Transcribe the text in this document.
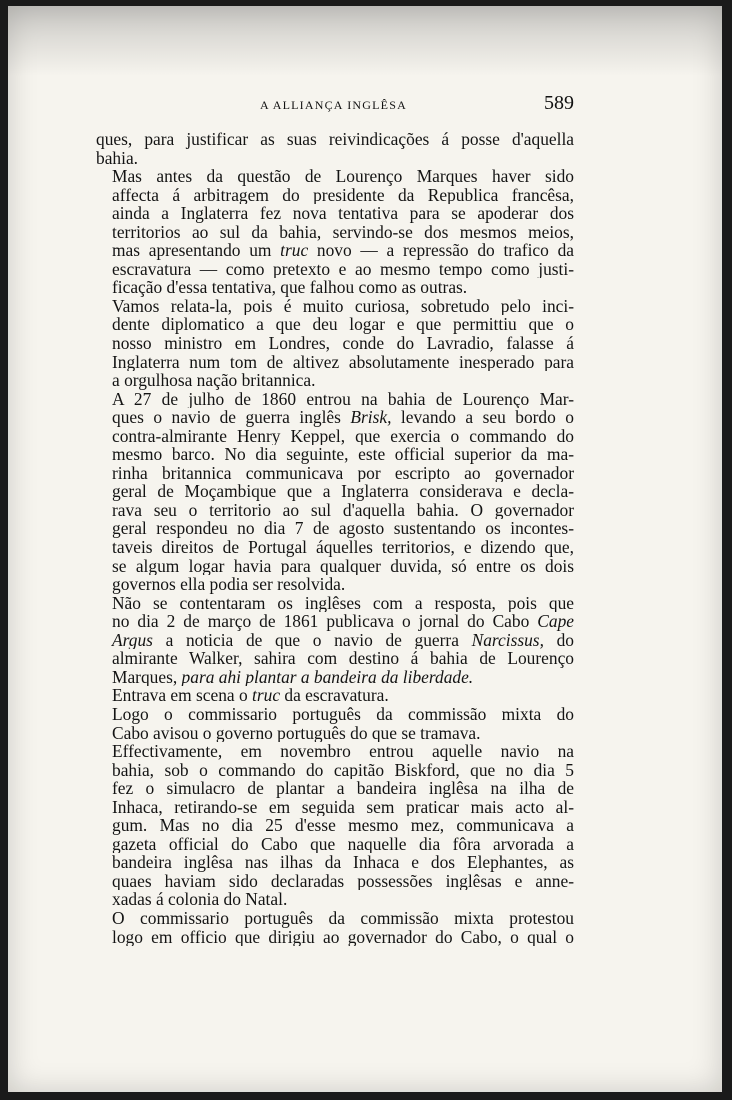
A ALLIANÇA INGLÊSA	589
ques, para justificar as suas reivindicações á posse d'aquella
bahia.
Mas antes da questão de Lourenço Marques haver sido
affecta á arbitragem do presidente da Republica francêsa,
ainda a Inglaterra fez nova tentativa para se apoderar dos
territorios ao sul da bahia, servindo-se dos mesmos meios,
mas apresentando um truc novo — a repressão do trafico da
escravatura — como pretexto e ao mesmo tempo como justi-
ficação d'essa tentativa, que falhou como as outras.
Vamos relata-la, pois é muito curiosa, sobretudo pelo inci-
dente diplomatico a que deu logar e que permittiu que o
nosso ministro em Londres, conde do Lavradio, falasse á
Inglaterra num tom de altivez absolutamente inesperado para
a orgulhosa nação britannica.
A 27 de julho de 1860 entrou na bahia de Lourenço Mar-
ques o navio de guerra inglês Brisk, levando a seu bordo o
contra-almirante Henry Keppel, que exercia o commando do
mesmo barco. No dia seguinte, este official superior da ma-
rinha britannica communicava por escripto ao governador
geral de Moçambique que a Inglaterra considerava e decla-
rava seu o territorio ao sul d'aquella bahia. O governador
geral respondeu no dia 7 de agosto sustentando os incontes-
taveis direitos de Portugal áquelles territorios, e dizendo que,
se algum logar havia para qualquer duvida, só entre os dois
governos ella podia ser resolvida.
Não se contentaram os inglêses com a resposta, pois que
no dia 2 de março de 1861 publicava o jornal do Cabo Cape
Argus a noticia de que o navio de guerra Narcissus, do
almirante Walker, sahira com destino á bahia de Lourenço
Marques, para ahi plantar a bandeira da liberdade.
Entrava em scena o truc da escravatura.
Logo o commissario português da commissão mixta do
Cabo avisou o governo português do que se tramava.
Effectivamente, em novembro entrou aquelle navio na
bahia, sob o commando do capitão Biskford, que no dia 5
fez o simulacro de plantar a bandeira inglêsa na ilha de
Inhaca, retirando-se em seguida sem praticar mais acto al-
gum. Mas no dia 25 d'esse mesmo mez, communicava a
gazeta official do Cabo que naquelle dia fôra arvorada a
bandeira inglêsa nas ilhas da Inhaca e dos Elephantes, as
quaes haviam sido declaradas possessões inglêsas e anne-
xadas á colonia do Natal.
O commissario português da commissão mixta protestou
logo em officio que dirigiu ao governador do Cabo, o qual o
